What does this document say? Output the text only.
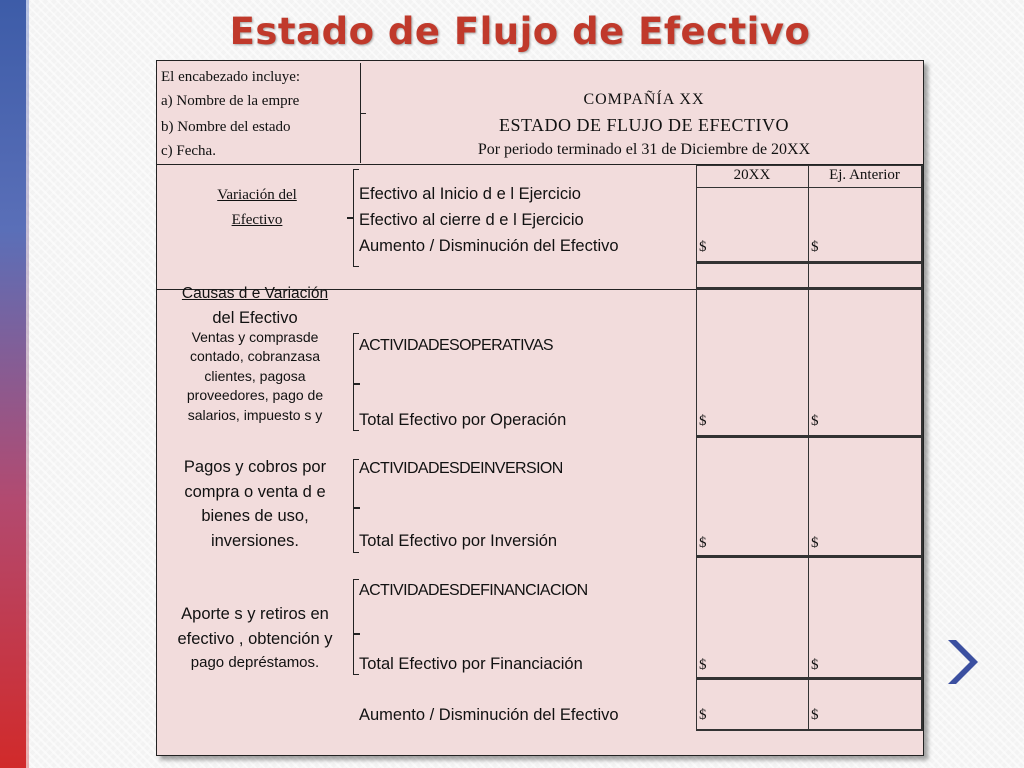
Estado de Flujo de Efectivo
El encabezado incluye:
a) Nombre de la empre
b) Nombre del estado
c) Fecha.
COMPAÑÍA XX
ESTADO DE FLUJO DE EFECTIVO
Por periodo terminado el 31 de Diciembre de 20XX
20XX	Ej. Anterior
Variación del
Efectivo
Efectivo al Inicio d e l Ejercicio
Efectivo al cierre d e l Ejercicio
Aumento / Disminución del Efectivo	$	$
Causas d e Variación
del Efectivo
Ventas y comprasde
contado, cobranzasa
clientes, pagosa
proveedores, pago de
salarios, impuesto s y
ACTIVIDADESOPERATIVAS
Total Efectivo por Operación	$	$
Pagos y cobros por
compra o venta d e
bienes de uso,
inversiones.
ACTIVIDADESDEINVERSION
Total Efectivo por Inversión	$	$
Aporte s y retiros en
efectivo , obtención y
pago depréstamos.
ACTIVIDADESDEFINANCIACION
Total Efectivo por Financiación	$	$
Aumento / Disminución del Efectivo	$	$
